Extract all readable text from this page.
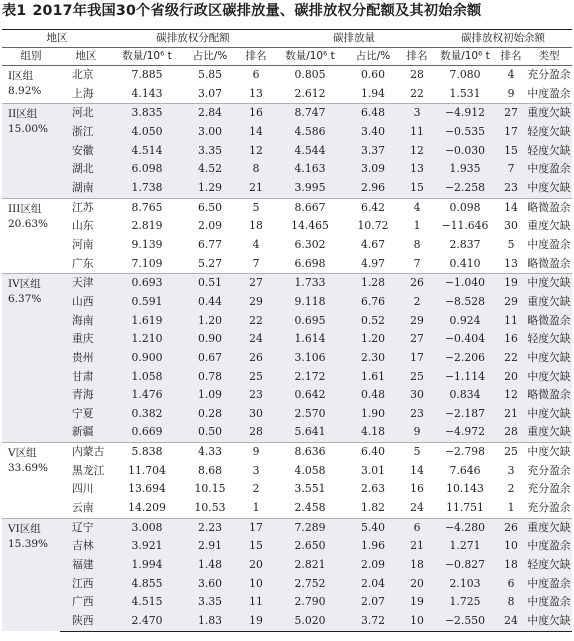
表1 2017年我国30个省级行政区碳排放量、碳排放权分配额及其初始余额
地区		碳排放权分配额			碳排放量			碳排放权初始余额		
组别	地区	数量/10⁶ t	占比/%	排名	数量/10⁶ t	占比/%	排名	数量/10⁶ t	排名	类型

I区组
8.92%	北京	7.885	5.85	6	0.805	0.60	28	7.080	4	充分盈余
	上海	4.143	3.07	13	2.612	1.94	22	1.531	9	中度盈余

II区组
15.00%	河北	3.835	2.84	16	8.747	6.48	3	−4.912	27	重度欠缺
	浙江	4.050	3.00	14	4.586	3.40	11	−0.535	17	轻度欠缺
	安徽	4.514	3.35	12	4.544	3.37	12	−0.030	15	轻度欠缺
	湖北	6.098	4.52	8	4.163	3.09	13	1.935	7	中度盈余
	湖南	1.738	1.29	21	3.995	2.96	15	−2.258	23	中度欠缺

III区组
20.63%	江苏	8.765	6.50	5	8.667	6.42	4	0.098	14	略微盈余
	山东	2.819	2.09	18	14.465	10.72	1	−11.646	30	重度欠缺
	河南	9.139	6.77	4	6.302	4.67	8	2.837	5	中度盈余
	广东	7.109	5.27	7	6.698	4.97	7	0.410	13	略微盈余

IV区组
6.37%	天津	0.693	0.51	27	1.733	1.28	26	−1.040	19	中度欠缺
	山西	0.591	0.44	29	9.118	6.76	2	−8.528	29	重度欠缺
	海南	1.619	1.20	22	0.695	0.52	29	0.924	11	略微盈余
	重庆	1.210	0.90	24	1.614	1.20	27	−0.404	16	轻度欠缺
	贵州	0.900	0.67	26	3.106	2.30	17	−2.206	22	中度欠缺
	甘肃	1.058	0.78	25	2.172	1.61	25	−1.114	20	中度欠缺
	青海	1.476	1.09	23	0.642	0.48	30	0.834	12	略微盈余
	宁夏	0.382	0.28	30	2.570	1.90	23	−2.187	21	中度欠缺
	新疆	0.669	0.50	28	5.641	4.18	9	−4.972	28	重度欠缺

V区组
33.69%	内蒙古	5.838	4.33	9	8.636	6.40	5	−2.798	25	中度欠缺
	黑龙江	11.704	8.68	3	4.058	3.01	14	7.646	3	充分盈余
	四川	13.694	10.15	2	3.551	2.63	16	10.143	2	充分盈余
	云南	14.209	10.53	1	2.458	1.82	24	11.751	1	充分盈余

VI区组
15.39%	辽宁	3.008	2.23	17	7.289	5.40	6	−4.280	26	重度欠缺
	吉林	3.921	2.91	15	2.650	1.96	21	1.271	10	中度盈余
	福建	1.994	1.48	20	2.821	2.09	18	−0.827	18	轻度欠缺
	江西	4.855	3.60	10	2.752	2.04	20	2.103	6	中度盈余
	广西	4.515	3.35	11	2.790	2.07	19	1.725	8	中度盈余
	陕西	2.470	1.83	19	5.020	3.72	10	−2.550	24	中度欠缺
